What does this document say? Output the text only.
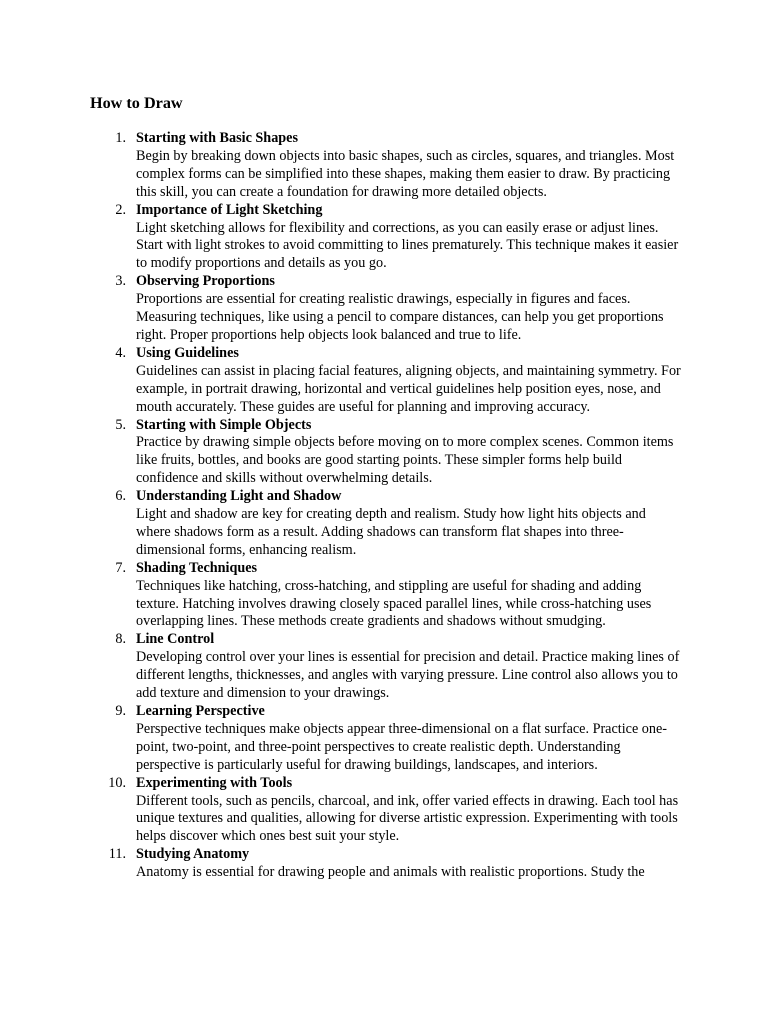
How to Draw
1. Starting with Basic Shapes
Begin by breaking down objects into basic shapes, such as circles, squares, and triangles. Most complex forms can be simplified into these shapes, making them easier to draw. By practicing this skill, you can create a foundation for drawing more detailed objects.
2. Importance of Light Sketching
Light sketching allows for flexibility and corrections, as you can easily erase or adjust lines. Start with light strokes to avoid committing to lines prematurely. This technique makes it easier to modify proportions and details as you go.
3. Observing Proportions
Proportions are essential for creating realistic drawings, especially in figures and faces. Measuring techniques, like using a pencil to compare distances, can help you get proportions right. Proper proportions help objects look balanced and true to life.
4. Using Guidelines
Guidelines can assist in placing facial features, aligning objects, and maintaining symmetry. For example, in portrait drawing, horizontal and vertical guidelines help position eyes, nose, and mouth accurately. These guides are useful for planning and improving accuracy.
5. Starting with Simple Objects
Practice by drawing simple objects before moving on to more complex scenes. Common items like fruits, bottles, and books are good starting points. These simpler forms help build confidence and skills without overwhelming details.
6. Understanding Light and Shadow
Light and shadow are key for creating depth and realism. Study how light hits objects and where shadows form as a result. Adding shadows can transform flat shapes into three-dimensional forms, enhancing realism.
7. Shading Techniques
Techniques like hatching, cross-hatching, and stippling are useful for shading and adding texture. Hatching involves drawing closely spaced parallel lines, while cross-hatching uses overlapping lines. These methods create gradients and shadows without smudging.
8. Line Control
Developing control over your lines is essential for precision and detail. Practice making lines of different lengths, thicknesses, and angles with varying pressure. Line control also allows you to add texture and dimension to your drawings.
9. Learning Perspective
Perspective techniques make objects appear three-dimensional on a flat surface. Practice one-point, two-point, and three-point perspectives to create realistic depth. Understanding perspective is particularly useful for drawing buildings, landscapes, and interiors.
10. Experimenting with Tools
Different tools, such as pencils, charcoal, and ink, offer varied effects in drawing. Each tool has unique textures and qualities, allowing for diverse artistic expression. Experimenting with tools helps discover which ones best suit your style.
11. Studying Anatomy
Anatomy is essential for drawing people and animals with realistic proportions. Study the
